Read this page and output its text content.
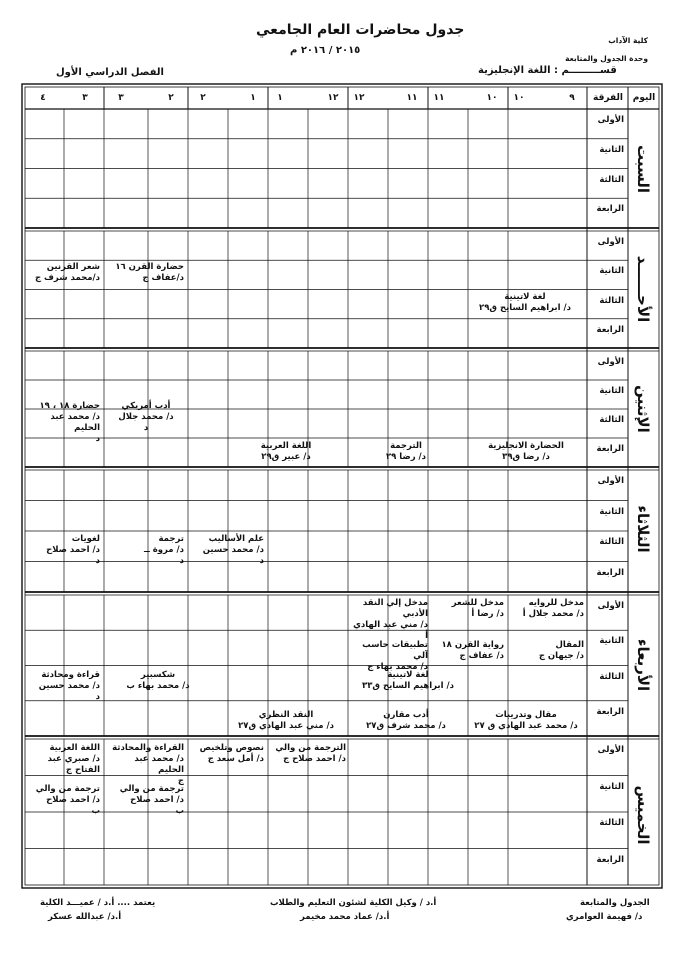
جدول محاضرات العام الجامعي
٢٠١٥ / ٢٠١٦ م
كلية الآداب
وحدة الجدول والمتابعة
قســـــــــم : اللغة الإنجليزية
الفصل الدراسي الأول
اليوم
الفرقة
٩
١٠
١٠
١١
١١
١٢
١٢
١
١
٢
٢
٣
٣
٤
السبت
الأحــــــد
الإثنين
الثلاثاء
الأربعاء
الخميس
الأولى
الثانية
الثالثة
الرابعة
الأولى
الثانية
الثالثة
الرابعة
الأولى
الثانية
الثالثة
الرابعة
الأولى
الثانية
الثالثة
الرابعة
الأولى
الثانية
الثالثة
الرابعة
الأولى
الثانية
الثالثة
الرابعة
حضارة القرن ١٦
د/عفاف ج
شعر القرنين
د/محمد شرف ج
لغة لاتينية
د/ ابراهيم السايح ق٢٩
أدب أمريكي
د/ محمد جلال
د
حضارة ١٨ ، ١٩
د/ محمد عبد الحليم
د
الحضارة الانجليزية
د/ رضا ق٣٩
الترجمة
د/ رضا ٢٩
اللغة العربية
د/ عبير ق٢٩
علم الأساليب
د/ محمد حسين
د
ترجمة
د/ مروة ــ
د
لغويات
د/ احمد صلاح
د
مدخل للروايه
د/ محمد جلال أ
مدخل للشعر
د/ رضا أ
مدخل إلي النقد الأدبي
د/ مني عبد الهادي أ
المقال
د/ جيهان ج
رواية القرن ١٨
د/ عفاف ج
تطبيقات حاسب آلي
د/ محمد بهاء ج
لغة لاتينية
د/ ابراهيم السايح ق٣٣
شكسبير
د/ محمد بهاء ب
قراءة ومحادثة
د/ محمد حسين
د
مقال وتدريبات
د/ محمد عبد الهادي ق ٢٧
أدب مقارن
د/ محمد شرف ق٢٧
النقد النظري
د/ مني عبد الهادي ق٢٧
الترجمة من والي
د/ احمد صلاح ج
نصوص وتلخيص
د/ أمل سعد ج
القراءة والمحادثة
د/ محمد عبد الحليم
ج
اللغة العربية
د/ صبري عبد الفتاح ج
ترجمة من والي
د/ احمد صلاح
ب
ترجمة من والي
د/ احمد صلاح
ب
يعتمد .... أ.د / عميـــد الكلية
أ.د/ عبدالله عسكر
أ.د / وكيل الكلية لشئون التعليم والطلاب
أ.د/ عماد محمد مخيمر
الجدول والمتابعة
د/ فهيمة العوامري
